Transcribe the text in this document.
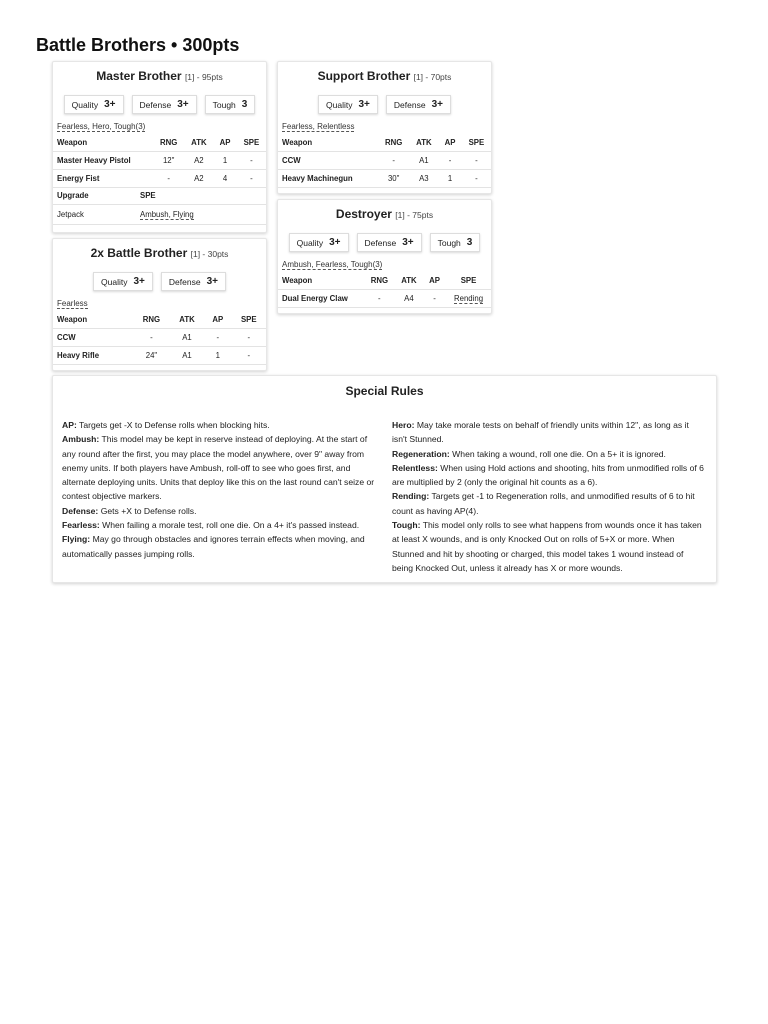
Battle Brothers • 300pts
Master Brother [1] - 95pts
Quality 3+	Defense 3+	Tough 3
Fearless, Hero, Tough(3)
Weapon	RNG	ATK	AP	SPE
Master Heavy Pistol	12"	A2	1	-
Energy Fist	-	A2	4	-
Upgrade	SPE
Jetpack	Ambush, Flying
2x Battle Brother [1] - 30pts
Quality 3+	Defense 3+
Fearless
Weapon	RNG	ATK	AP	SPE
CCW	-	A1	-	-
Heavy Rifle	24"	A1	1	-
Support Brother [1] - 70pts
Quality 3+	Defense 3+
Fearless, Relentless
Weapon	RNG	ATK	AP	SPE
CCW	-	A1	-	-
Heavy Machinegun	30"	A3	1	-
Destroyer [1] - 75pts
Quality 3+	Defense 3+	Tough 3
Ambush, Fearless, Tough(3)
Weapon	RNG	ATK	AP	SPE
Dual Energy Claw	-	A4	-	Rending
Special Rules

AP: Targets get -X to Defense rolls when blocking hits.

Ambush: This model may be kept in reserve instead of deploying. At the start of any round after the first, you may place the model anywhere, over 9" away from enemy units. If both players have Ambush, roll-off to see who goes first, and alternate deploying units. Units that deploy like this on the last round can't seize or contest objective markers.

Defense: Gets +X to Defense rolls.

Fearless: When failing a morale test, roll one die. On a 4+ it's passed instead.

Flying: May go through obstacles and ignores terrain effects when moving, and automatically passes jumping rolls.

Hero: May take morale tests on behalf of friendly units within 12", as long as it isn't Stunned.

Regeneration: When taking a wound, roll one die. On a 5+ it is ignored.

Relentless: When using Hold actions and shooting, hits from unmodified rolls of 6 are multiplied by 2 (only the original hit counts as a 6).

Rending: Targets get -1 to Regeneration rolls, and unmodified results of 6 to hit count as having AP(4).

Tough: This model only rolls to see what happens from wounds once it has taken at least X wounds, and is only Knocked Out on rolls of 5+X or more. When Stunned and hit by shooting or charged, this model takes 1 wound instead of being Knocked Out, unless it already has X or more wounds.
